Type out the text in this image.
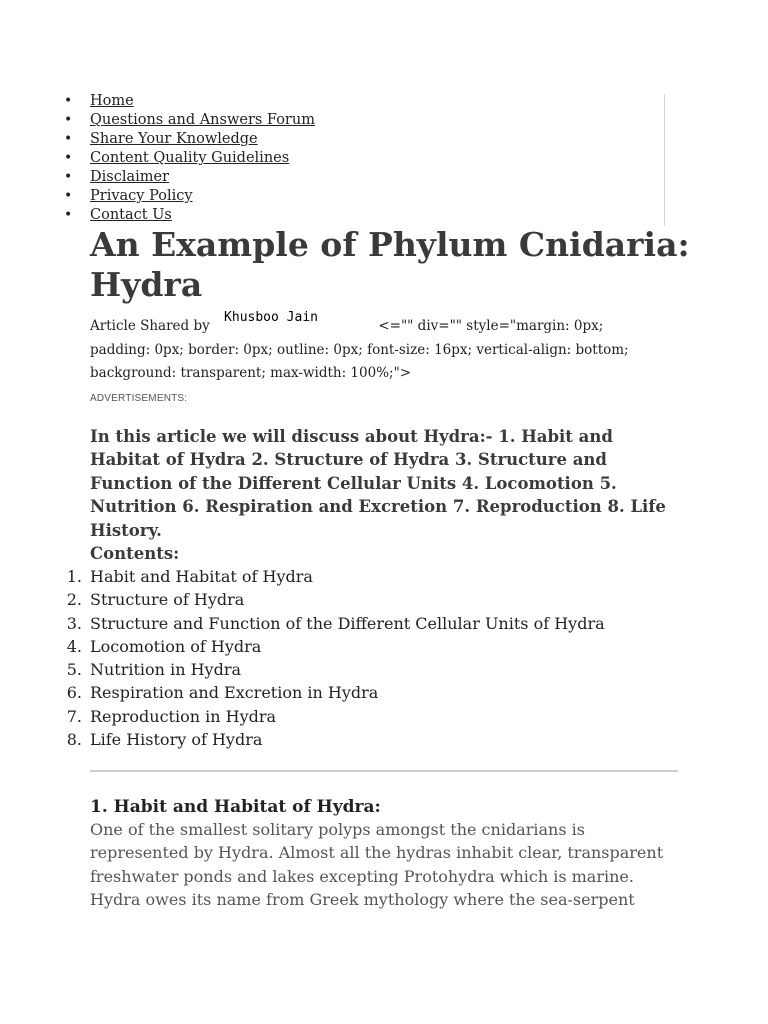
• Home
• Questions and Answers Forum
• Share Your Knowledge
• Content Quality Guidelines
• Disclaimer
• Privacy Policy
• Contact Us
An Example of Phylum Cnidaria: Hydra
Article Shared by Khusboo Jain <="" div="" style="margin: 0px; padding: 0px; border: 0px; outline: 0px; font-size: 16px; vertical-align: bottom; background: transparent; max-width: 100%;">
ADVERTISEMENTS:
In this article we will discuss about Hydra:- 1. Habit and Habitat of Hydra 2. Structure of Hydra 3. Structure and Function of the Different Cellular Units 4. Locomotion 5. Nutrition 6. Respiration and Excretion 7. Reproduction 8. Life History.
Contents:
1. Habit and Habitat of Hydra
2. Structure of Hydra
3. Structure and Function of the Different Cellular Units of Hydra
4. Locomotion of Hydra
5. Nutrition in Hydra
6. Respiration and Excretion in Hydra
7. Reproduction in Hydra
8. Life History of Hydra
1. Habit and Habitat of Hydra:
One of the smallest solitary polyps amongst the cnidarians is represented by Hydra. Almost all the hydras inhabit clear, transparent freshwater ponds and lakes excepting Protohydra which is marine. Hydra owes its name from Greek mythology where the sea-serpent
